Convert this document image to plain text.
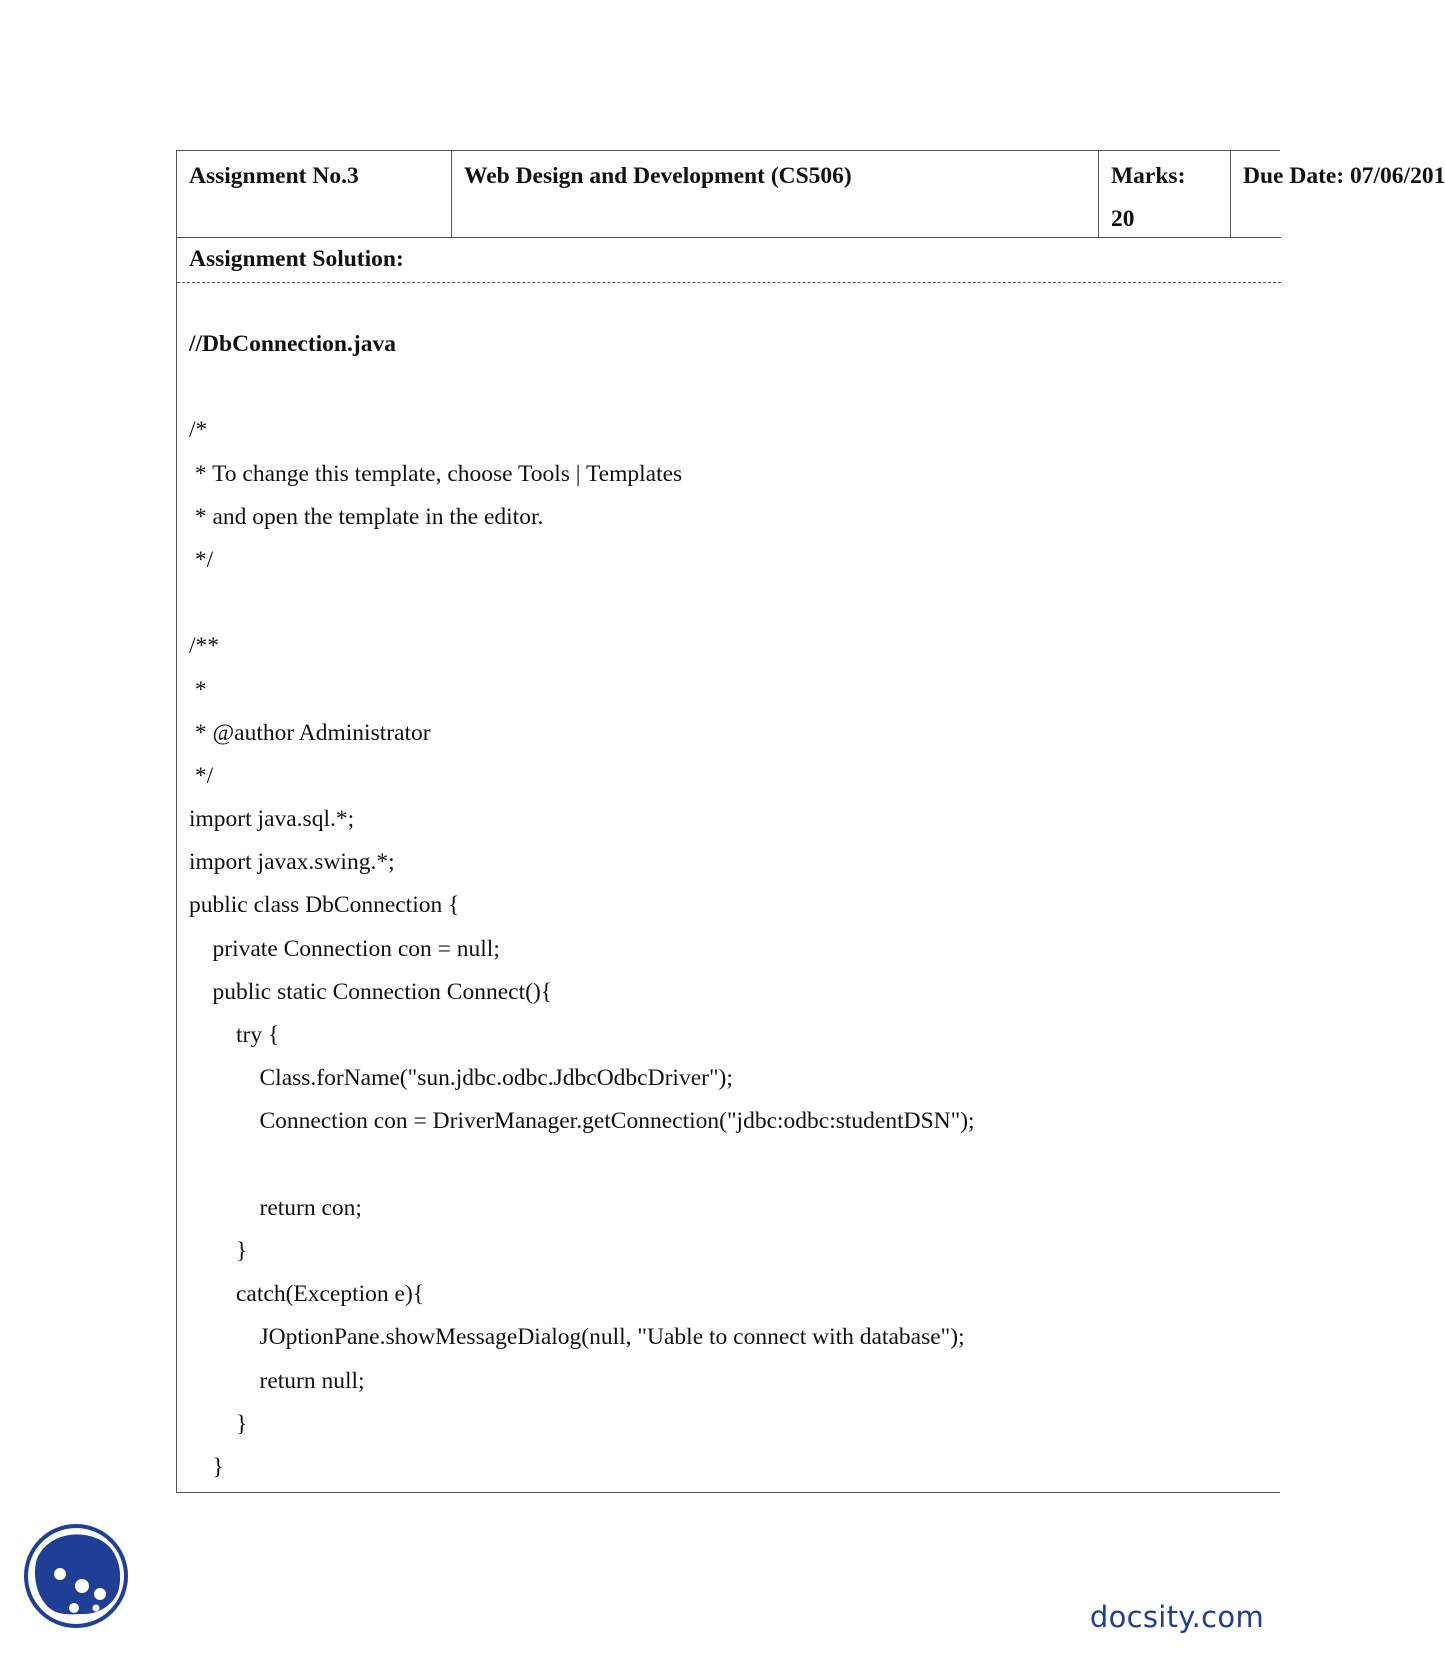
Assignment No.3	Web Design and Development (CS506)	Marks:
20
Due Date: 07/06/201
Assignment Solution:
//DbConnection.java
/*
* To change this template, choose Tools | Templates
* and open the template in the editor.
*/
/**
*
* @author Administrator
*/
import java.sql.*;
import javax.swing.*;
public class DbConnection {
private Connection con = null;
public static Connection Connect(){
try {
Class.forName("sun.jdbc.odbc.JdbcOdbcDriver");
Connection con = DriverManager.getConnection("jdbc:odbc:studentDSN");
return con;
}
catch(Exception e){
JOptionPane.showMessageDialog(null, "Uable to connect with database");
return null;
}
}
docsity.com
